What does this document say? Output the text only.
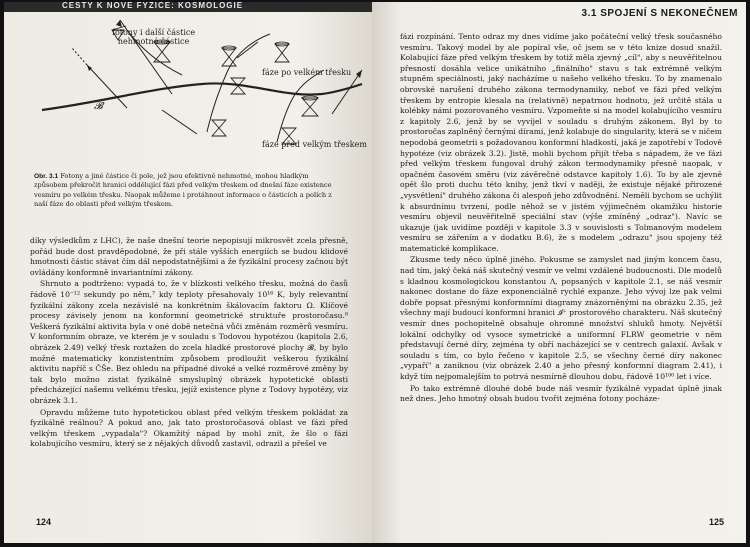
CESTY K NOVÉ FYZICE: KOSMOLOGIE
fotony i další částice
nehmotné částice
fáze po velkém třesku
fáze před velkým třeskem
𝓑
Obr. 3.1 Fotony a jiné částice či pole, jež jsou efektivně nehmotné, mohou hladkým způsobem překročit hranici oddělující fázi před velkým třeskem od dnešní fáze existence vesmíru po velkém třesku. Naopak můžeme i protáhnout informace o částicích a polích z naší fáze do oblasti před velkým třeskem.

díky výsledkům z LHC), že naše dnešní teorie nepopisují mikrosvět zcela přesně, pořád bude dost pravděpodobné, že při stále vyšších energiích se budou klidové hmotnosti částic stávat čím dál nepodstatnějšími a že fyzikální procesy začnou být ovládány konformně invariantními zákony.

Shrnuto a podtrženo: vypadá to, že v blízkosti velkého třesku, možná do časů řádově 10⁻¹² sekundy po něm,⁷ kdy teploty přesahovaly 10¹⁶ K, byly relevantní fyzikální zákony zcela nezávislé na konkrétním škálovacím faktoru Ω. Klíčové procesy závisely jenom na konformní geometrické struktuře prostoročasu.⁸ Veškerá fyzikální aktivita byla v oné době netečná vůči změnám rozměrů vesmíru. V konformním obraze, ve kterém je v souladu s Todovou hypotézou (kapitola 2.6, obrázek 2.49) velký třesk roztažen do zcela hladké prostorové plochy 𝓑, by bylo možné matematicky konzistentním způsobem prodloužit veškerou fyzikální aktivitu napříč s ČŠe. Bez ohledu na případné divoké a velké rozměrové změny by tak bylo možno zistat fyzikálně smysluplný obrázek hypotetické oblasti předcházející našemu velkému třesku, jejíž existence plyne z Todovy hypotézy, viz obrázek 3.1.

Opravdu můžeme tuto hypotetickou oblast před velkým třeskem pokládat za fyzikálně reálnou? A pokud ano, jak tato prostoročasová oblast ve fázi před velkým třeskem „vypadala"? Okamžitý nápad by mohl znít, že šlo o fázi kolabujícího vesmíru, který se z nějakých důvodů zastavil, odrazil a přešel ve

124
3.1 SPOJENÍ S NEKONEČNEM

fázi rozpínání. Tento odraz my dnes vidíme jako počáteční velký třesk současného vesmíru. Takový model by ale popíral vše, oč jsem se v této knize dosud snažil. Kolabující fáze před velkým třeskem by totiž měla zjevný „cíl", aby s neuvěřitelnou přesností dosáhla velice unikátního „finálního" stavu s tak extrémně velkým stupněm speciálnosti, jaký nacházíme u našeho velkého třesku. To by znamenalo obrovské narušení druhého zákona termodynamiky, neboť ve fázi před velkým třeskem by entropie klesala na (relativně) nepatrnou hodnotu, jež určitě stála u kolébky námi pozorovaného vesmíru. Vzpomeňte si na model kolabujícího vesmíru z kapitoly 2.6, jenž by se vyvíjel v souladu s druhým zákonem. Byl by to prostoročas zaplněný černými dírami, jenž kolabuje do singularity, která se v ničem nepodobá geometrii s požadovanou konformní hladkostí, jaká je zapotřebí v Todově hypotéze (viz obrázek 3.2). Jistě, mohli bychom přijít třeba s nápadem, že ve fázi před velkým třeskem fungoval druhý zákon termodynamiky přesně naopak, v opačném časovém směru (viz závěrečné odstavce kapitoly 1.6). To by ale zjevně opět šlo proti duchu této knihy, jenž tkví v naději, že existuje nějaké přirozené „vysvětlení" druhého zákona či alespoň jeho zdůvodnění. Neměli bychom se uchýlit k absurdnímu tvrzení, podle něhož se v jistém výjimečném okamžiku historie vesmíru objevil neuvěřitelně speciální stav (výše zmíněný „odraz"). Navíc se ukazuje (jak uvidíme později v kapitole 3.3 v souvislosti s Tolmanovým modelem vesmíru se zářením a v dodatku B.6), že s modelem „odrazu" jsou spojeny též matematické komplikace.

Zkusme tedy něco úplně jiného. Pokusme se zamyslet nad jiným koncem času, nad tím, jaký čeká náš skutečný vesmír ve velmi vzdálené budoucnosti. Dle modelů s kladnou kosmologickou konstantou Λ, popsaných v kapitole 2.1, se náš vesmír nakonec dostane do fáze exponenciálně rychlé expanze. Jeho vývoj lze pak velmi dobře popsat přesnými konformními diagramy znázorněnými na obrázku 2.35, jež všechny mají budoucí konformní hranici 𝓘⁺ prostorového charakteru. Náš skutečný vesmír dnes pochopitelně obsahuje ohromné množství shluků hmoty. Největší lokální odchylky od vysoce symetrické a uniformní FLRW geometrie v něm představují černé díry, zejména ty obří nacházející se v centrech galaxií. Avšak v souladu s tím, co bylo řečeno v kapitole 2.5, se všechny černé díry nakonec „vypaří" a zaniknou (viz obrázek 2.40 a jeho přesný konformní diagram 2.41), i když tím nejpomalejším to potrvá nesmírně dlouhou dobu, řádově 10¹⁰⁰ let i více.

Po tako extrémně dlouhé době bude náš vesmír fyzikálně vypadat úplně jinak než dnes. Jeho hmotný obsah budou tvořit zejména fotony pocháze-

125
